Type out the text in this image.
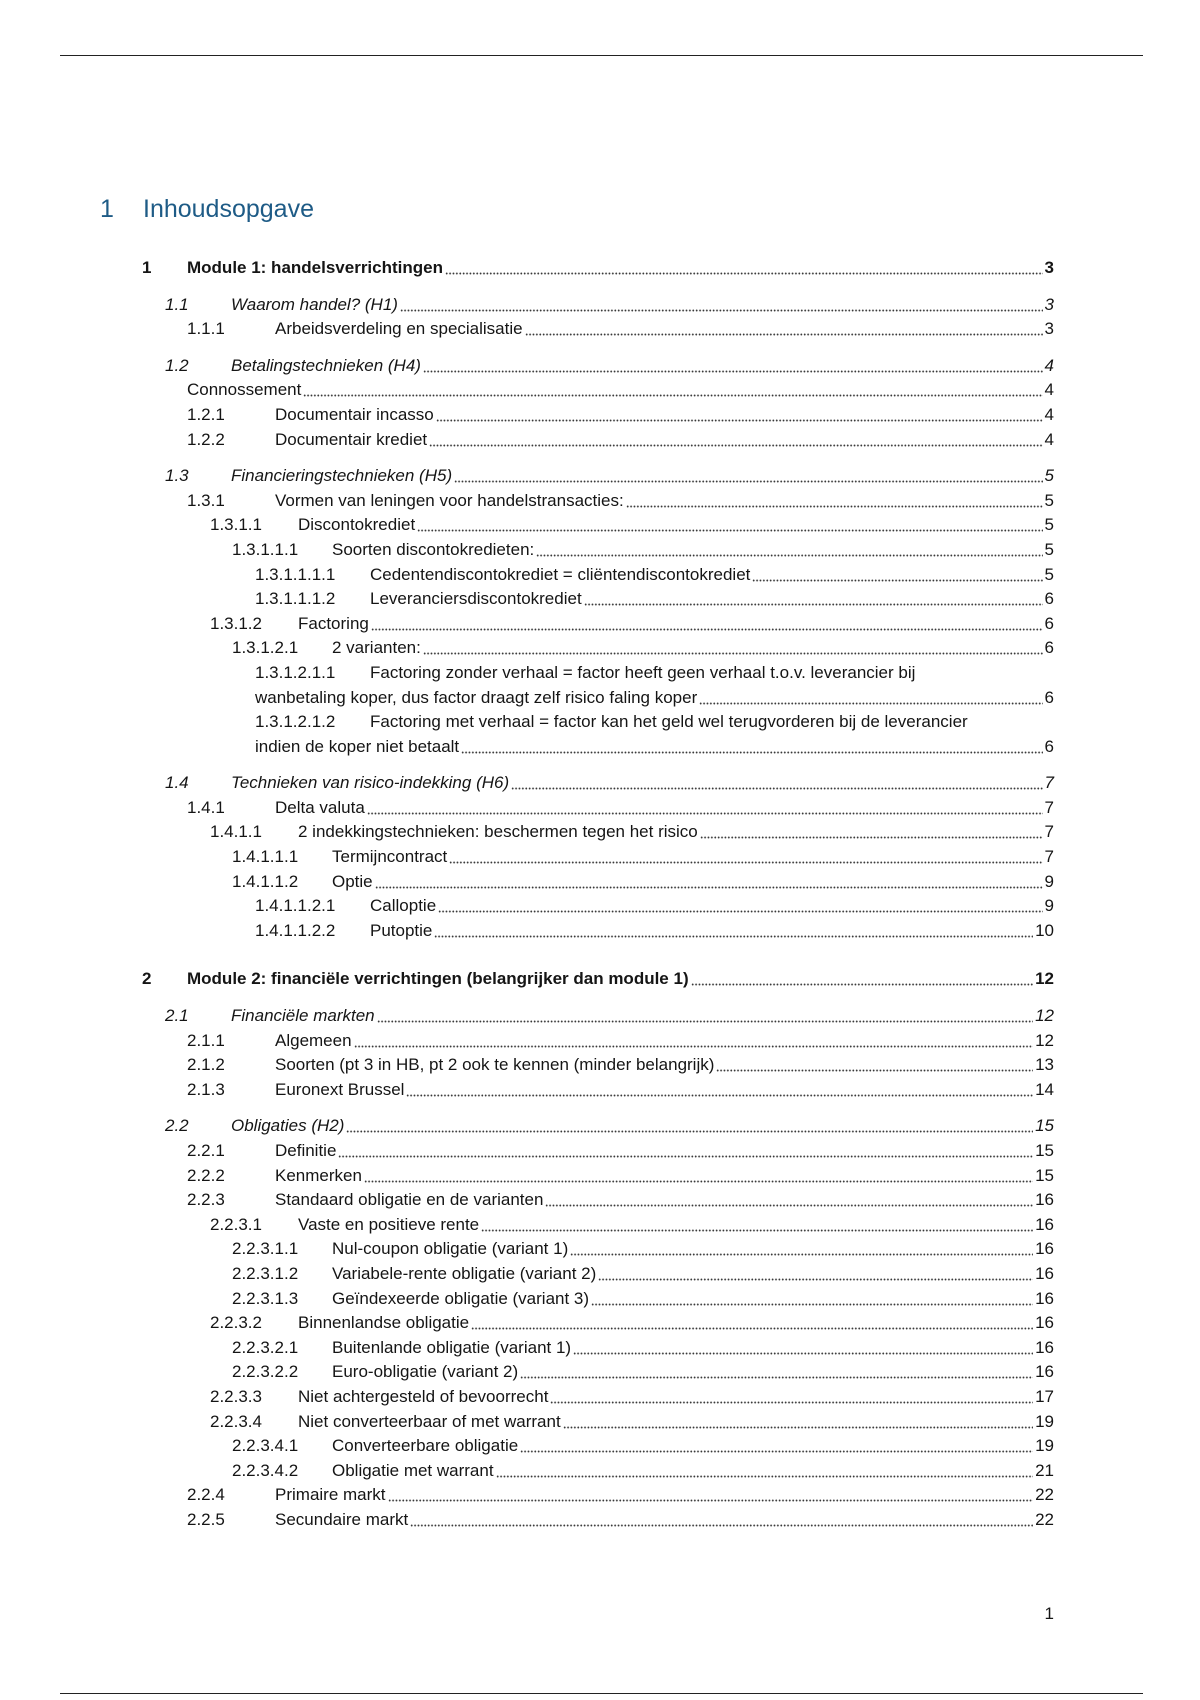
1 Inhoudsopgave
1 Module 1: handelsverrichtingen	3
1.1 Waarom handel? (H1)	3
1.1.1	Arbeidsverdeling en specialisatie	3
1.2 Betalingstechnieken (H4)	4
Connossement	4
1.2.1	Documentair incasso	4
1.2.2	Documentair krediet	4
1.3 Financieringstechnieken (H5)	5
1.3.1	Vormen van leningen voor handelstransacties:	5
1.3.1.1 Discontokrediet	5
1.3.1.1.1 Soorten discontokredieten:	5
1.3.1.1.1.1 Cedentendiscontokrediet = cliëntendiscontokrediet	5
1.3.1.1.1.2 Leveranciersdiscontokrediet	6
1.3.1.2 Factoring	6
1.3.1.2.1 2 varianten:	6
1.3.1.2.1.1 Factoring zonder verhaal = factor heeft geen verhaal t.o.v. leverancier bij
wanbetaling koper, dus factor draagt zelf risico faling koper	6
1.3.1.2.1.2 Factoring met verhaal = factor kan het geld wel terugvorderen bij de leverancier
indien de koper niet betaalt	6
1.4 Technieken van risico-indekking (H6)	7
1.4.1	Delta valuta	7
1.4.1.1 2 indekkingstechnieken: beschermen tegen het risico	7
1.4.1.1.1 Termijncontract	7
1.4.1.1.2 Optie	9
1.4.1.1.2.1 Calloptie	9
1.4.1.1.2.2 Putoptie	10
2 Module 2: financiële verrichtingen (belangrijker dan module 1)	12
2.1 Financiële markten	12
2.1.1	Algemeen	12
2.1.2	Soorten (pt 3 in HB, pt 2 ook te kennen (minder belangrijk)	13
2.1.3	Euronext Brussel	14
2.2 Obligaties (H2)	15
2.2.1	Definitie	15
2.2.2	Kenmerken	15
2.2.3	Standaard obligatie en de varianten	16
2.2.3.1 Vaste en positieve rente	16
2.2.3.1.1 Nul-coupon obligatie (variant 1)	16
2.2.3.1.2 Variabele-rente obligatie (variant 2)	16
2.2.3.1.3 Geïndexeerde obligatie (variant 3)	16
2.2.3.2 Binnenlandse obligatie	16
2.2.3.2.1 Buitenlande obligatie (variant 1)	16
2.2.3.2.2 Euro-obligatie (variant 2)	16
2.2.3.3 Niet achtergesteld of bevoorrecht	17
2.2.3.4 Niet converteerbaar of met warrant	19
2.2.3.4.1 Converteerbare obligatie	19
2.2.3.4.2 Obligatie met warrant	21
2.2.4	Primaire markt	22
2.2.5	Secundaire markt	22
1
